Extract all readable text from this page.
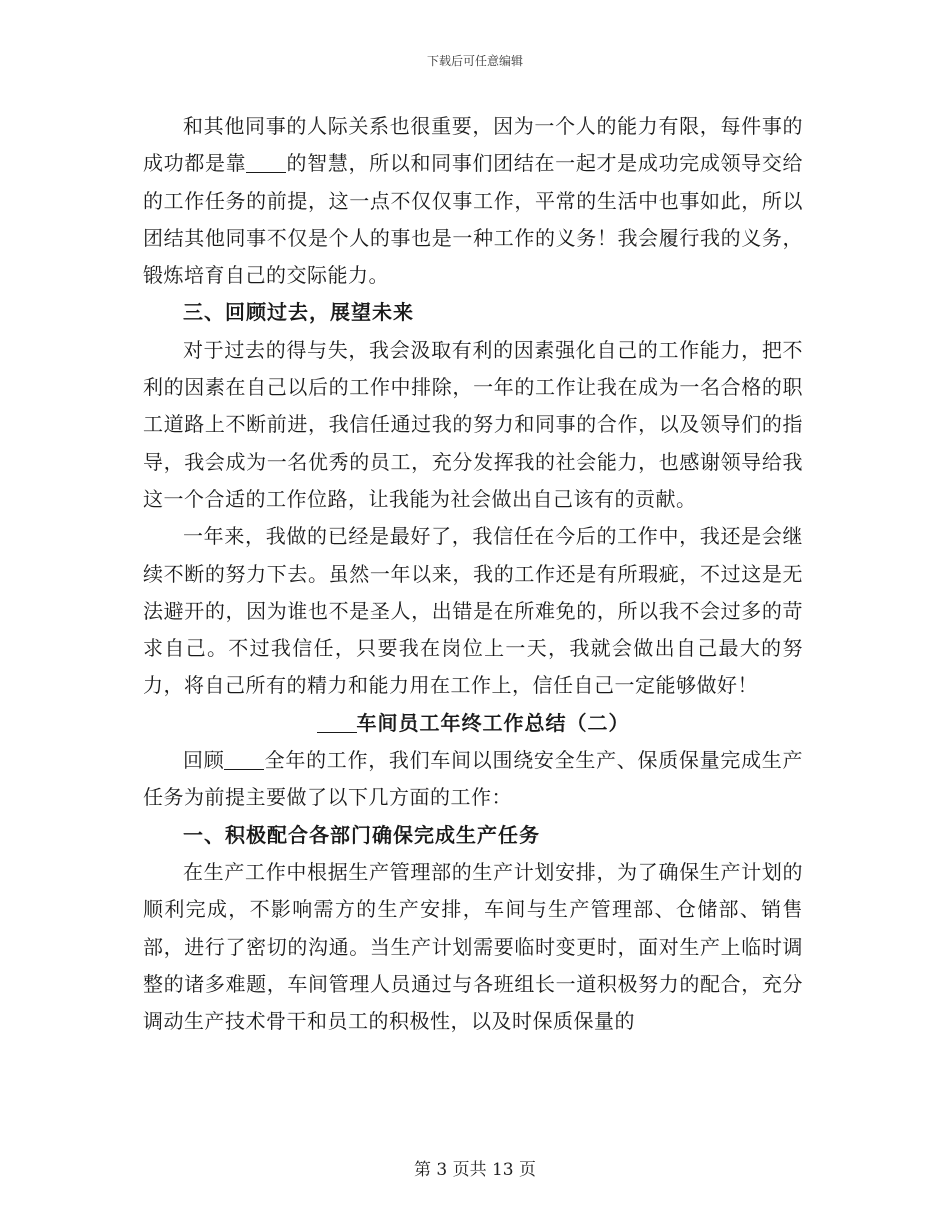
下载后可任意编辑

和其他同事的人际关系也很重要，因为一个人的能力有限，每件事的成功都是靠 的智慧，所以和同事们团结在一起才是成功完成领导交给的工作任务的前提，这一点不仅仅事工作，平常的生活中也事如此，所以团结其他同事不仅是个人的事也是一种工作的义务！我会履行我的义务，锻炼培育自己的交际能力。

三、回顾过去，展望未来

对于过去的得与失，我会汲取有利的因素强化自己的工作能力，把不利的因素在自己以后的工作中排除，一年的工作让我在成为一名合格的职工道路上不断前进，我信任通过我的努力和同事的合作，以及领导们的指导，我会成为一名优秀的员工，充分发挥我的社会能力，也感谢领导给我这一个合适的工作位路，让我能为社会做出自己该有的贡献。

一年来，我做的已经是最好了，我信任在今后的工作中，我还是会继续不断的努力下去。虽然一年以来，我的工作还是有所瑕疵，不过这是无法避开的，因为谁也不是圣人，出错是在所难免的，所以我不会过多的苛求自己。不过我信任，只要我在岗位上一天，我就会做出自己最大的努力，将自己所有的精力和能力用在工作上，信任自己一定能够做好！

车间员工年终工作总结（二）

回顾 全年的工作，我们车间以围绕安全生产、保质保量完成生产任务为前提主要做了以下几方面的工作：

一、积极配合各部门确保完成生产任务

在生产工作中根据生产管理部的生产计划安排，为了确保生产计划的顺利完成，不影响需方的生产安排，车间与生产管理部、仓储部、销售部，进行了密切的沟通。当生产计划需要临时变更时，面对生产上临时调整的诸多难题，车间管理人员通过与各班组长一道积极努力的配合，充分调动生产技术骨干和员工的积极性，以及时保质保量的

第 3 页共 13 页
